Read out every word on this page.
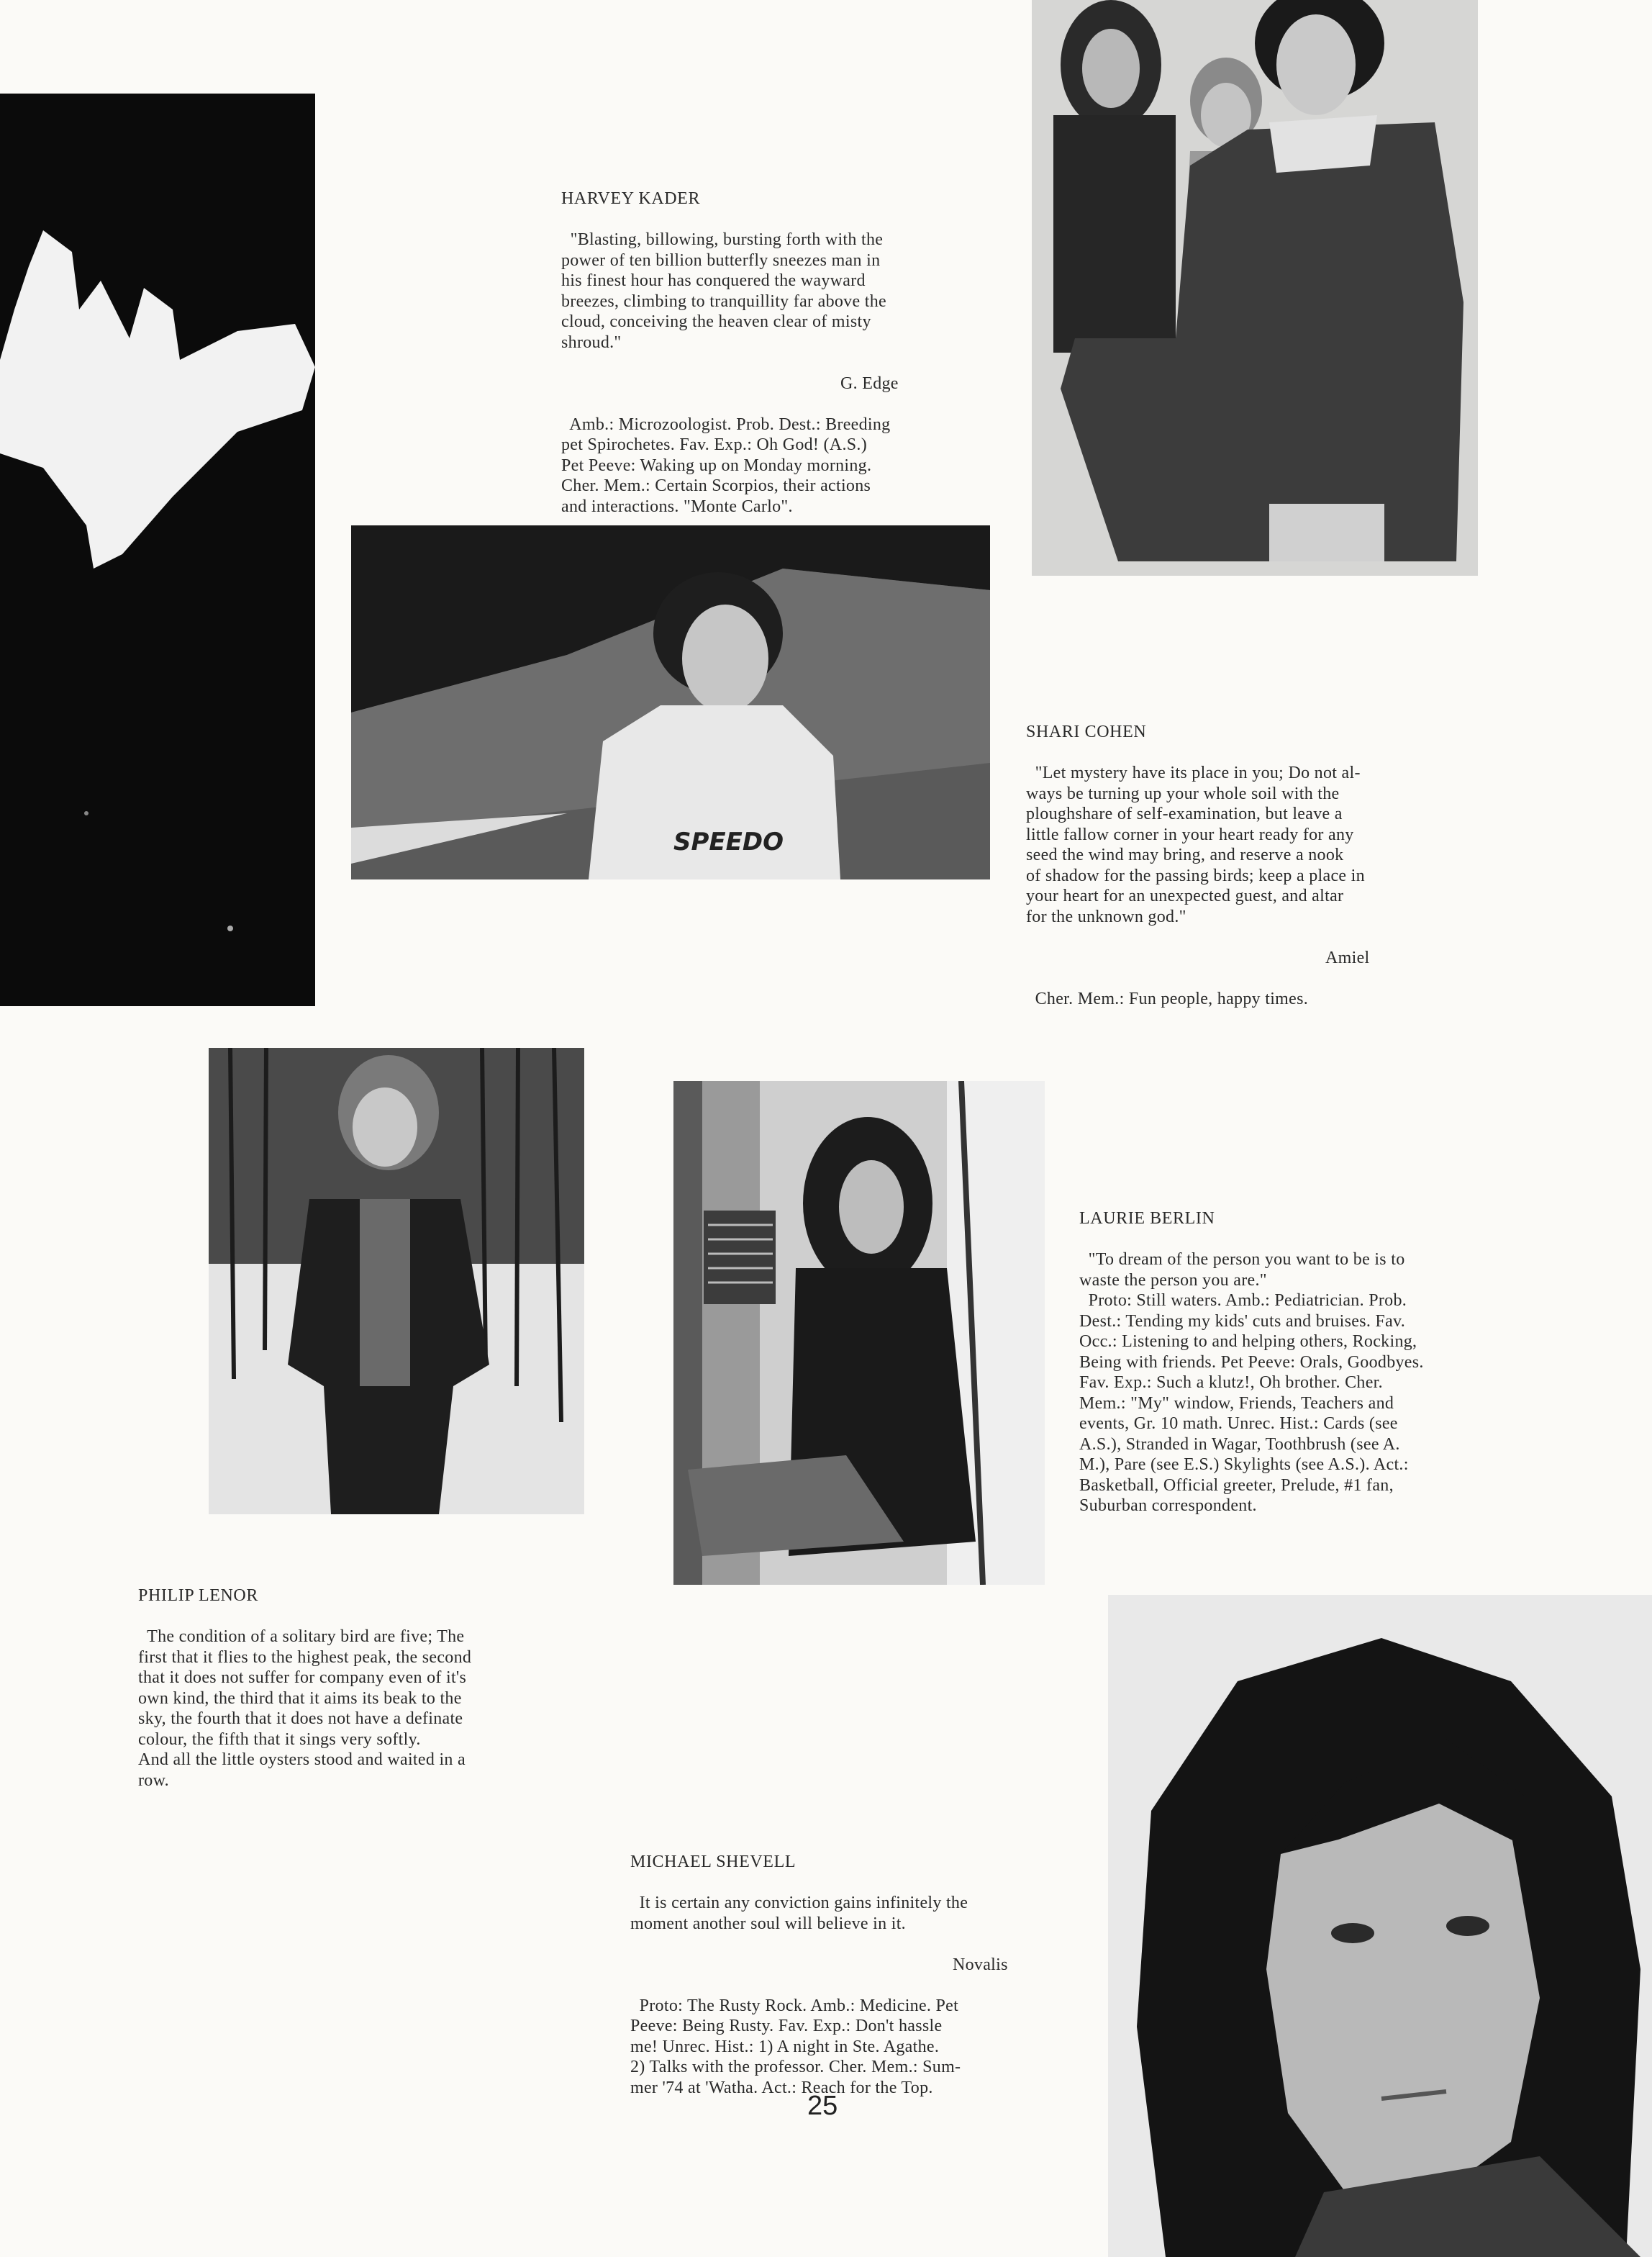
HARVEY KADER

"Blasting, billowing, bursting forth with the
power of ten billion butterfly sneezes man in
his finest hour has conquered the wayward
breezes, climbing to tranquillity far above the
cloud, conceiving the heaven clear of misty
shroud."

G. Edge

Amb.: Microzoologist. Prob. Dest.: Breeding
pet Spirochetes. Fav. Exp.: Oh God! (A.S.)
Pet Peeve: Waking up on Monday morning.
Cher. Mem.: Certain Scorpios, their actions
and interactions. "Monte Carlo".

SPEEDO

SHARI COHEN

"Let mystery have its place in you; Do not al-
ways be turning up your whole soil with the
ploughshare of self-examination, but leave a
little fallow corner in your heart ready for any
seed the wind may bring, and reserve a nook
of shadow for the passing birds; keep a place in
your heart for an unexpected guest, and altar
for the unknown god."

Amiel

Cher. Mem.: Fun people, happy times.

PHILIP LENOR

The condition of a solitary bird are five; The
first that it flies to the highest peak, the second
that it does not suffer for company even of it's
own kind, the third that it aims its beak to the
sky, the fourth that it does not have a definate
colour, the fifth that it sings very softly.
And all the little oysters stood and waited in a
row.

LAURIE BERLIN

"To dream of the person you want to be is to
waste the person you are."
Proto: Still waters. Amb.: Pediatrician. Prob.
Dest.: Tending my kids' cuts and bruises. Fav.
Occ.: Listening to and helping others, Rocking,
Being with friends. Pet Peeve: Orals, Goodbyes.
Fav. Exp.: Such a klutz!, Oh brother. Cher.
Mem.: "My" window, Friends, Teachers and
events, Gr. 10 math. Unrec. Hist.: Cards (see
A.S.), Stranded in Wagar, Toothbrush (see A.
M.), Pare (see E.S.) Skylights (see A.S.). Act.:
Basketball, Official greeter, Prelude, #1 fan,
Suburban correspondent.

MICHAEL SHEVELL

It is certain any conviction gains infinitely the
moment another soul will believe in it.

Novalis

Proto: The Rusty Rock. Amb.: Medicine. Pet
Peeve: Being Rusty. Fav. Exp.: Don't hassle
me! Unrec. Hist.: 1) A night in Ste. Agathe.
2) Talks with the professor. Cher. Mem.: Sum-
mer '74 at 'Watha. Act.: Reach for the Top.

25
